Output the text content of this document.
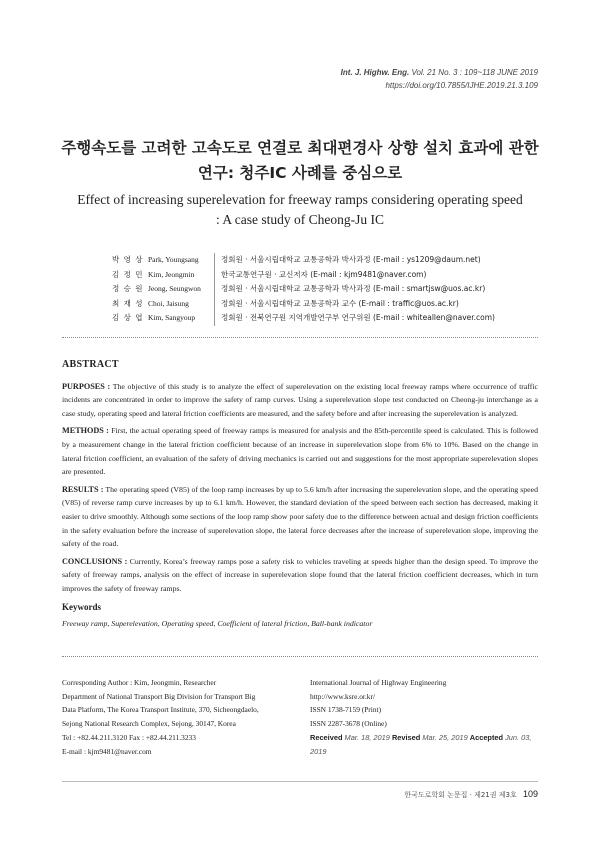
Int. J. Highw. Eng. Vol. 21 No. 3 : 109~118 JUNE 2019
https://doi.org/10.7855/IJHE.2019.21.3.109
주행속도를 고려한 고속도로 연결로 최대편경사 상향 설치 효과에 관한
연구: 청주IC 사례를 중심으로
Effect of increasing superelevation for freeway ramps considering operating speed
: A case study of Cheong-Ju IC
박 영 상 Park, Youngsang	정회원 · 서울시립대학교 교통공학과 박사과정 (E-mail : ys1209@daum.net)
김 정 민 Kim, Jeongmin	한국교통연구원 · 교신저자 (E-mail : kjm9481@naver.com)
정 승 원 Jeong, Seungwon	정회원 · 서울시립대학교 교통공학과 박사과정 (E-mail : smartjsw@uos.ac.kr)
최 재 성 Choi, Jaisung	정회원 · 서울시립대학교 교통공학과 교수 (E-mail : traffic@uos.ac.kr)
김 상 엽 Kim, Sangyoup	정회원 · 전북연구원 지역개발연구부 연구위원 (E-mail : whiteallen@naver.com)
ABSTRACT

PURPOSES : The objective of this study is to analyze the effect of superelevation on the existing local freeway ramps where occurrence of traffic incidents are concentrated in order to improve the safety of ramp curves. Using a superelevation slope test conducted on Cheong-ju interchange as a case study, operating speed and lateral friction coefficients are measured, and the safety before and after increasing the superelevation is analyzed.

METHODS : First, the actual operating speed of freeway ramps is measured for analysis and the 85th-percentile speed is calculated. This is followed by a measurement change in the lateral friction coefficient because of an increase in superelevation slope from 6% to 10%. Based on the change in lateral friction coefficient, an evaluation of the safety of driving mechanics is carried out and suggestions for the most appropriate superelevation slopes are presented.

RESULTS : The operating speed (V85) of the loop ramp increases by up to 5.6 km/h after increasing the superelevation slope, and the operating speed (V85) of reverse ramp curve increases by up to 6.1 km/h. However, the standard deviation of the speed between each section has decreased, making it easier to drive smoothly. Although some sections of the loop ramp show poor safety due to the difference between actual and design friction coefficients in the safety evaluation before the increase of superelevation slope, the lateral force decreases after the increase of superelevation slope, improving the safety of the road.

CONCLUSIONS : Currently, Korea’s freeway ramps pose a safety risk to vehicles traveling at speeds higher than the design speed. To improve the safety of freeway ramps, analysis on the effect of increase in superelevation slope found that the lateral friction coefficient decreases, which in turn improves the safety of freeway ramps.

Keywords

Freeway ramp, Superelevation, Operating speed, Coefficient of lateral friction, Ball-bank indicator

Corresponding Author : Kim, Jeongmin, Researcher
Department of National Transport Big Division for Transport Big
Data Platform, The Korea Transport Institute, 370, Sicheongdaelo,
Sejong National Research Complex, Sejong, 30147, Korea
Tel : +82.44.211.3120 Fax : +82.44.211.3233
E-mail : kjm9481@naver.com
International Journal of Highway Engineering
http://www.ksre.or.kr/
ISSN 1738-7159 (Print)
ISSN 2287-3678 (Online)
Received Mar. 18, 2019 Revised Mar. 25, 2019 Accepted Jun. 03, 2019
한국도로학회 논문집 · 제21권 제3호 109
